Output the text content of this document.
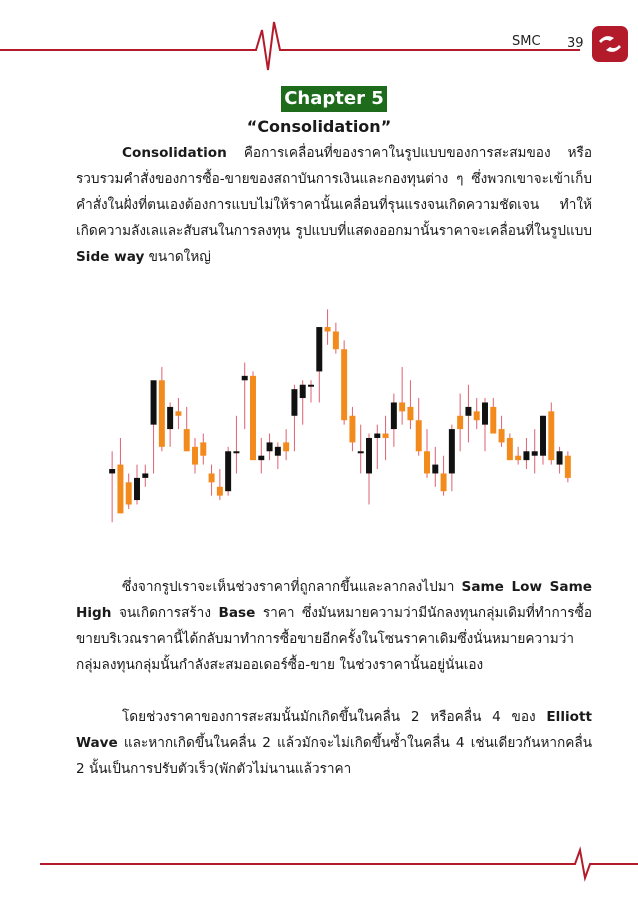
SMC 39
Chapter 5
“Consolidation”

Consolidation คือการเคลื่อนที่ของราคาในรูปแบบของการสะสมของ หรือรวบรวมคำสั่งของการซื้อ-ขายของสถาบันการเงินและกองทุนต่าง ๆ ซึ่งพวกเขาจะเข้าเก็บคำสั่งในฝั่งที่ตนเองต้องการแบบไม่ให้ราคานั้นเคลื่อนที่รุนแรงจนเกิดความชัดเจน ทำให้เกิดความลังเลและสับสนในการลงทุน รูปแบบที่แสดงออกมานั้นราคาจะเคลื่อนที่ในรูปแบบ Side way ขนาดใหญ่

ซึ่งจากรูปเราจะเห็นช่วงราคาที่ถูกลากขึ้นและลากลงไปมา Same Low Same High จนเกิดการสร้าง Base ราคา ซึ่งมันหมายความว่ามีนักลงทุนกลุ่มเดิมที่ทำการซื้อขายบริเวณราคานี้ได้กลับมาทำการซื้อขายอีกครั้งในโซนราคาเดิมซึ่งนั่นหมายความว่ากลุ่มลงทุนกลุ่มนั้นกำลังสะสมออเดอร์ซื้อ-ขาย ในช่วงราคานั้นอยู่นั่นเอง

โดยช่วงราคาของการสะสมนั้นมักเกิดขึ้นในคลื่น 2 หรือคลื่น 4 ของ Elliott Wave และหากเกิดขึ้นในคลื่น 2 แล้วมักจะไม่เกิดขึ้นซ้ำในคลื่น 4 เช่นเดียวกันหากคลื่น 2 นั้นเป็นการปรับตัวเร็ว(พักตัวไม่นานแล้วราคา
